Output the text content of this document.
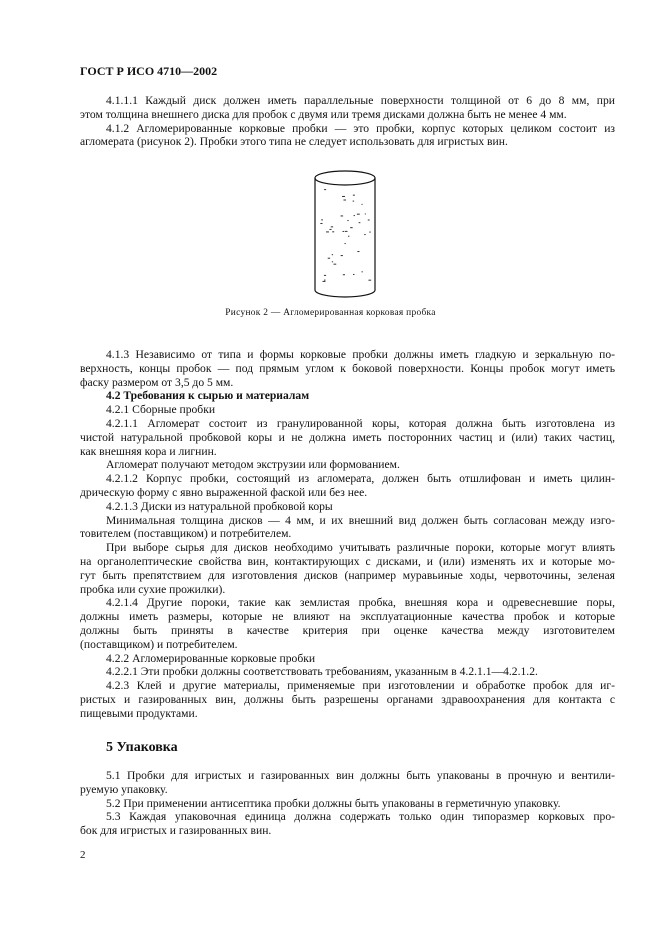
ГОСТ Р ИСО 4710—2002
4.1.1.1 Каждый диск должен иметь параллельные поверхности толщиной от 6 до 8 мм, при
этом толщина внешнего диска для пробок с двумя или тремя дисками должна быть не менее 4 мм.
4.1.2 Агломерированные корковые пробки — это пробки, корпус которых целиком состоит из
агломерата (рисунок 2). Пробки этого типа не следует использовать для игристых вин.
Рисунок 2 — Агломерированная корковая пробка
4.1.3 Независимо от типа и формы корковые пробки должны иметь гладкую и зеркальную по-
верхность, концы пробок — под прямым углом к боковой поверхности. Концы пробок могут иметь
фаску размером от 3,5 до 5 мм.
4.2 Требования к сырью и материалам
4.2.1 Сборные пробки
4.2.1.1 Агломерат состоит из гранулированной коры, которая должна быть изготовлена из
чистой натуральной пробковой коры и не должна иметь посторонних частиц и (или) таких частиц,
как внешняя кора и лигнин.
Агломерат получают методом экструзии или формованием.
4.2.1.2 Корпус пробки, состоящий из агломерата, должен быть отшлифован и иметь цилин-
дрическую форму с явно выраженной фаской или без нее.
4.2.1.3 Диски из натуральной пробковой коры
Минимальная толщина дисков — 4 мм, и их внешний вид должен быть согласован между изго-
товителем (поставщиком) и потребителем.
При выборе сырья для дисков необходимо учитывать различные пороки, которые могут влиять
на органолептические свойства вин, контактирующих с дисками, и (или) изменять их и которые мо-
гут быть препятствием для изготовления дисков (например муравьиные ходы, червоточины, зеленая
пробка или сухие прожилки).
4.2.1.4 Другие пороки, такие как землистая пробка, внешняя кора и одревесневшие поры,
должны иметь размеры, которые не влияют на эксплуатационные качества пробок и которые
должны быть приняты в качестве критерия при оценке качества между изготовителем
(поставщиком) и потребителем.
4.2.2 Агломерированные корковые пробки
4.2.2.1 Эти пробки должны соответствовать требованиям, указанным в 4.2.1.1—4.2.1.2.
4.2.3 Клей и другие материалы, применяемые при изготовлении и обработке пробок для иг-
ристых и газированных вин, должны быть разрешены органами здравоохранения для контакта с
пищевыми продуктами.
5 Упаковка
5.1 Пробки для игристых и газированных вин должны быть упакованы в прочную и вентили-
руемую упаковку.
5.2 При применении антисептика пробки должны быть упакованы в герметичную упаковку.
5.3 Каждая упаковочная единица должна содержать только один типоразмер корковых про-
бок для игристых и газированных вин.
2
